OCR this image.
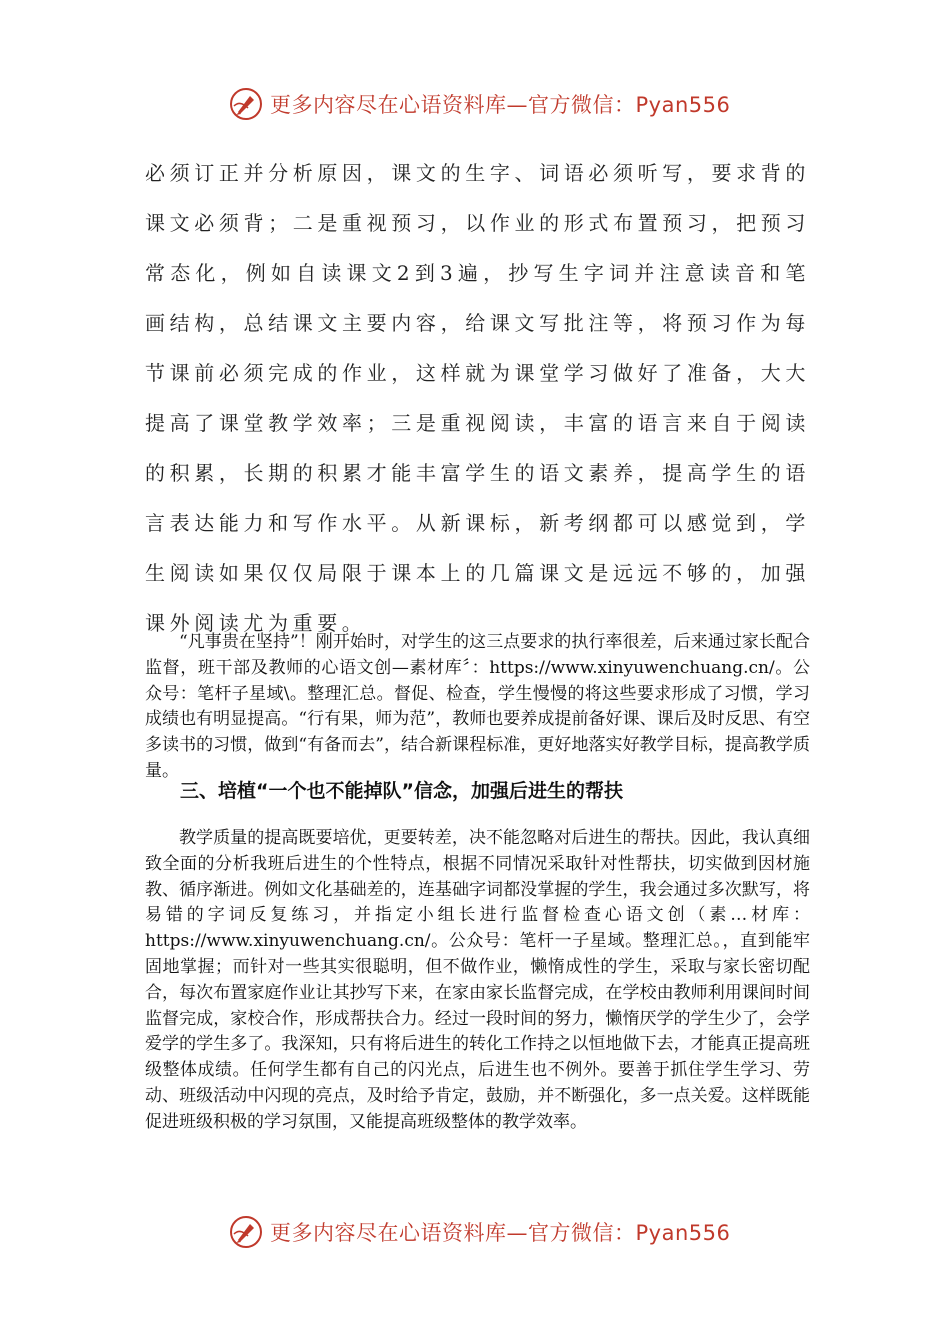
更多内容尽在心语资料库—官方微信：Pyan556

必须订正并分析原因，课文的生字、词语必须听写，要求背的课文必须背；二是重视预习，以作业的形式布置预习，把预习常态化，例如自读课文2到3遍，抄写生字词并注意读音和笔画结构，总结课文主要内容，给课文写批注等，将预习作为每节课前必须完成的作业，这样就为课堂学习做好了准备，大大提高了课堂教学效率；三是重视阅读，丰富的语言来自于阅读的积累，长期的积累才能丰富学生的语文素养，提高学生的语言表达能力和写作水平。从新课标，新考纲都可以感觉到，学生阅读如果仅仅局限于课本上的几篇课文是远远不够的，加强课外阅读尤为重要。

“凡事贵在坚持”！刚开始时，对学生的这三点要求的执行率很差，后来通过家长配合监督，班干部及教师的心语文创—素材库〞：https://www.xinyuwenchuang.cn/。公众号：笔杆子星域\。整理汇总。督促、检查，学生慢慢的将这些要求形成了习惯，学习成绩也有明显提高。“行有果，师为范”，教师也要养成提前备好课、课后及时反思、有空多读书的习惯，做到“有备而去”，结合新课程标准，更好地落实好教学目标，提高教学质量。

三、培植“一个也不能掉队”信念，加强后进生的帮扶

教学质量的提高既要培优，更要转差，决不能忽略对后进生的帮扶。因此，我认真细致全面的分析我班后进生的个性特点，根据不同情况采取针对性帮扶，切实做到因材施教、循序渐进。例如文化基础差的，连基础字词都没掌握的学生，我会通过多次默写，将易错的字词反复练习，并指定小组长进行监督检查心语文创（素…材库：https://www.xinyuwenchuang.cn/。公众号：笔杆一子星域。整理汇总。，直到能牢固地掌握；而针对一些其实很聪明，但不做作业，懒惰成性的学生，采取与家长密切配合，每次布置家庭作业让其抄写下来，在家由家长监督完成，在学校由教师利用课间时间监督完成，家校合作，形成帮扶合力。经过一段时间的努力，懒惰厌学的学生少了，会学爱学的学生多了。我深知，只有将后进生的转化工作持之以恒地做下去，才能真正提高班级整体成绩。任何学生都有自己的闪光点，后进生也不例外。要善于抓住学生学习、劳动、班级活动中闪现的亮点，及时给予肯定，鼓励，并不断强化，多一点关爱。这样既能促进班级积极的学习氛围，又能提高班级整体的教学效率。

更多内容尽在心语资料库—官方微信：Pyan556
